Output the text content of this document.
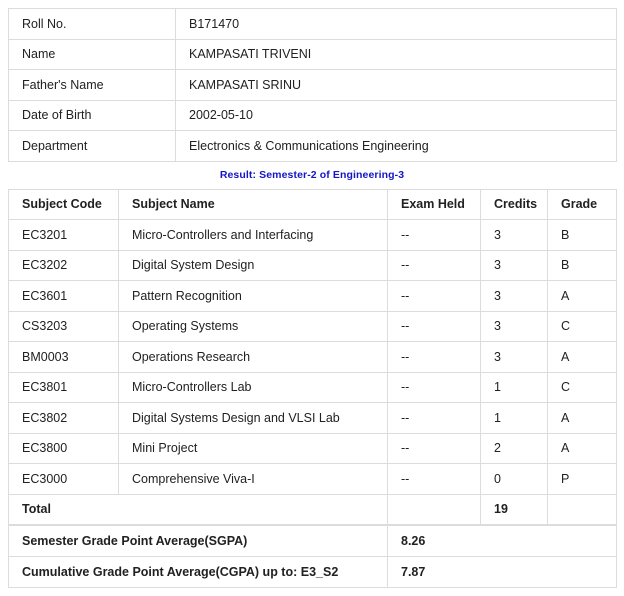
Roll No.	B171470
Name	KAMPASATI TRIVENI
Father's Name	KAMPASATI SRINU
Date of Birth	2002-05-10
Department	Electronics & Communications Engineering
Result: Semester-2 of Engineering-3
Subject Code	Subject Name	Exam Held	Credits	Grade
EC3201	Micro-Controllers and Interfacing	--	3	B
EC3202	Digital System Design	--	3	B
EC3601	Pattern Recognition	--	3	A
CS3203	Operating Systems	--	3	C
BM0003	Operations Research	--	3	A
EC3801	Micro-Controllers Lab	--	1	C
EC3802	Digital Systems Design and VLSI Lab	--	1	A
EC3800	Mini Project	--	2	A
EC3000	Comprehensive Viva-I	--	0	P
Total			19	
Semester Grade Point Average(SGPA)	8.26
Cumulative Grade Point Average(CGPA) up to: E3_S2	7.87
